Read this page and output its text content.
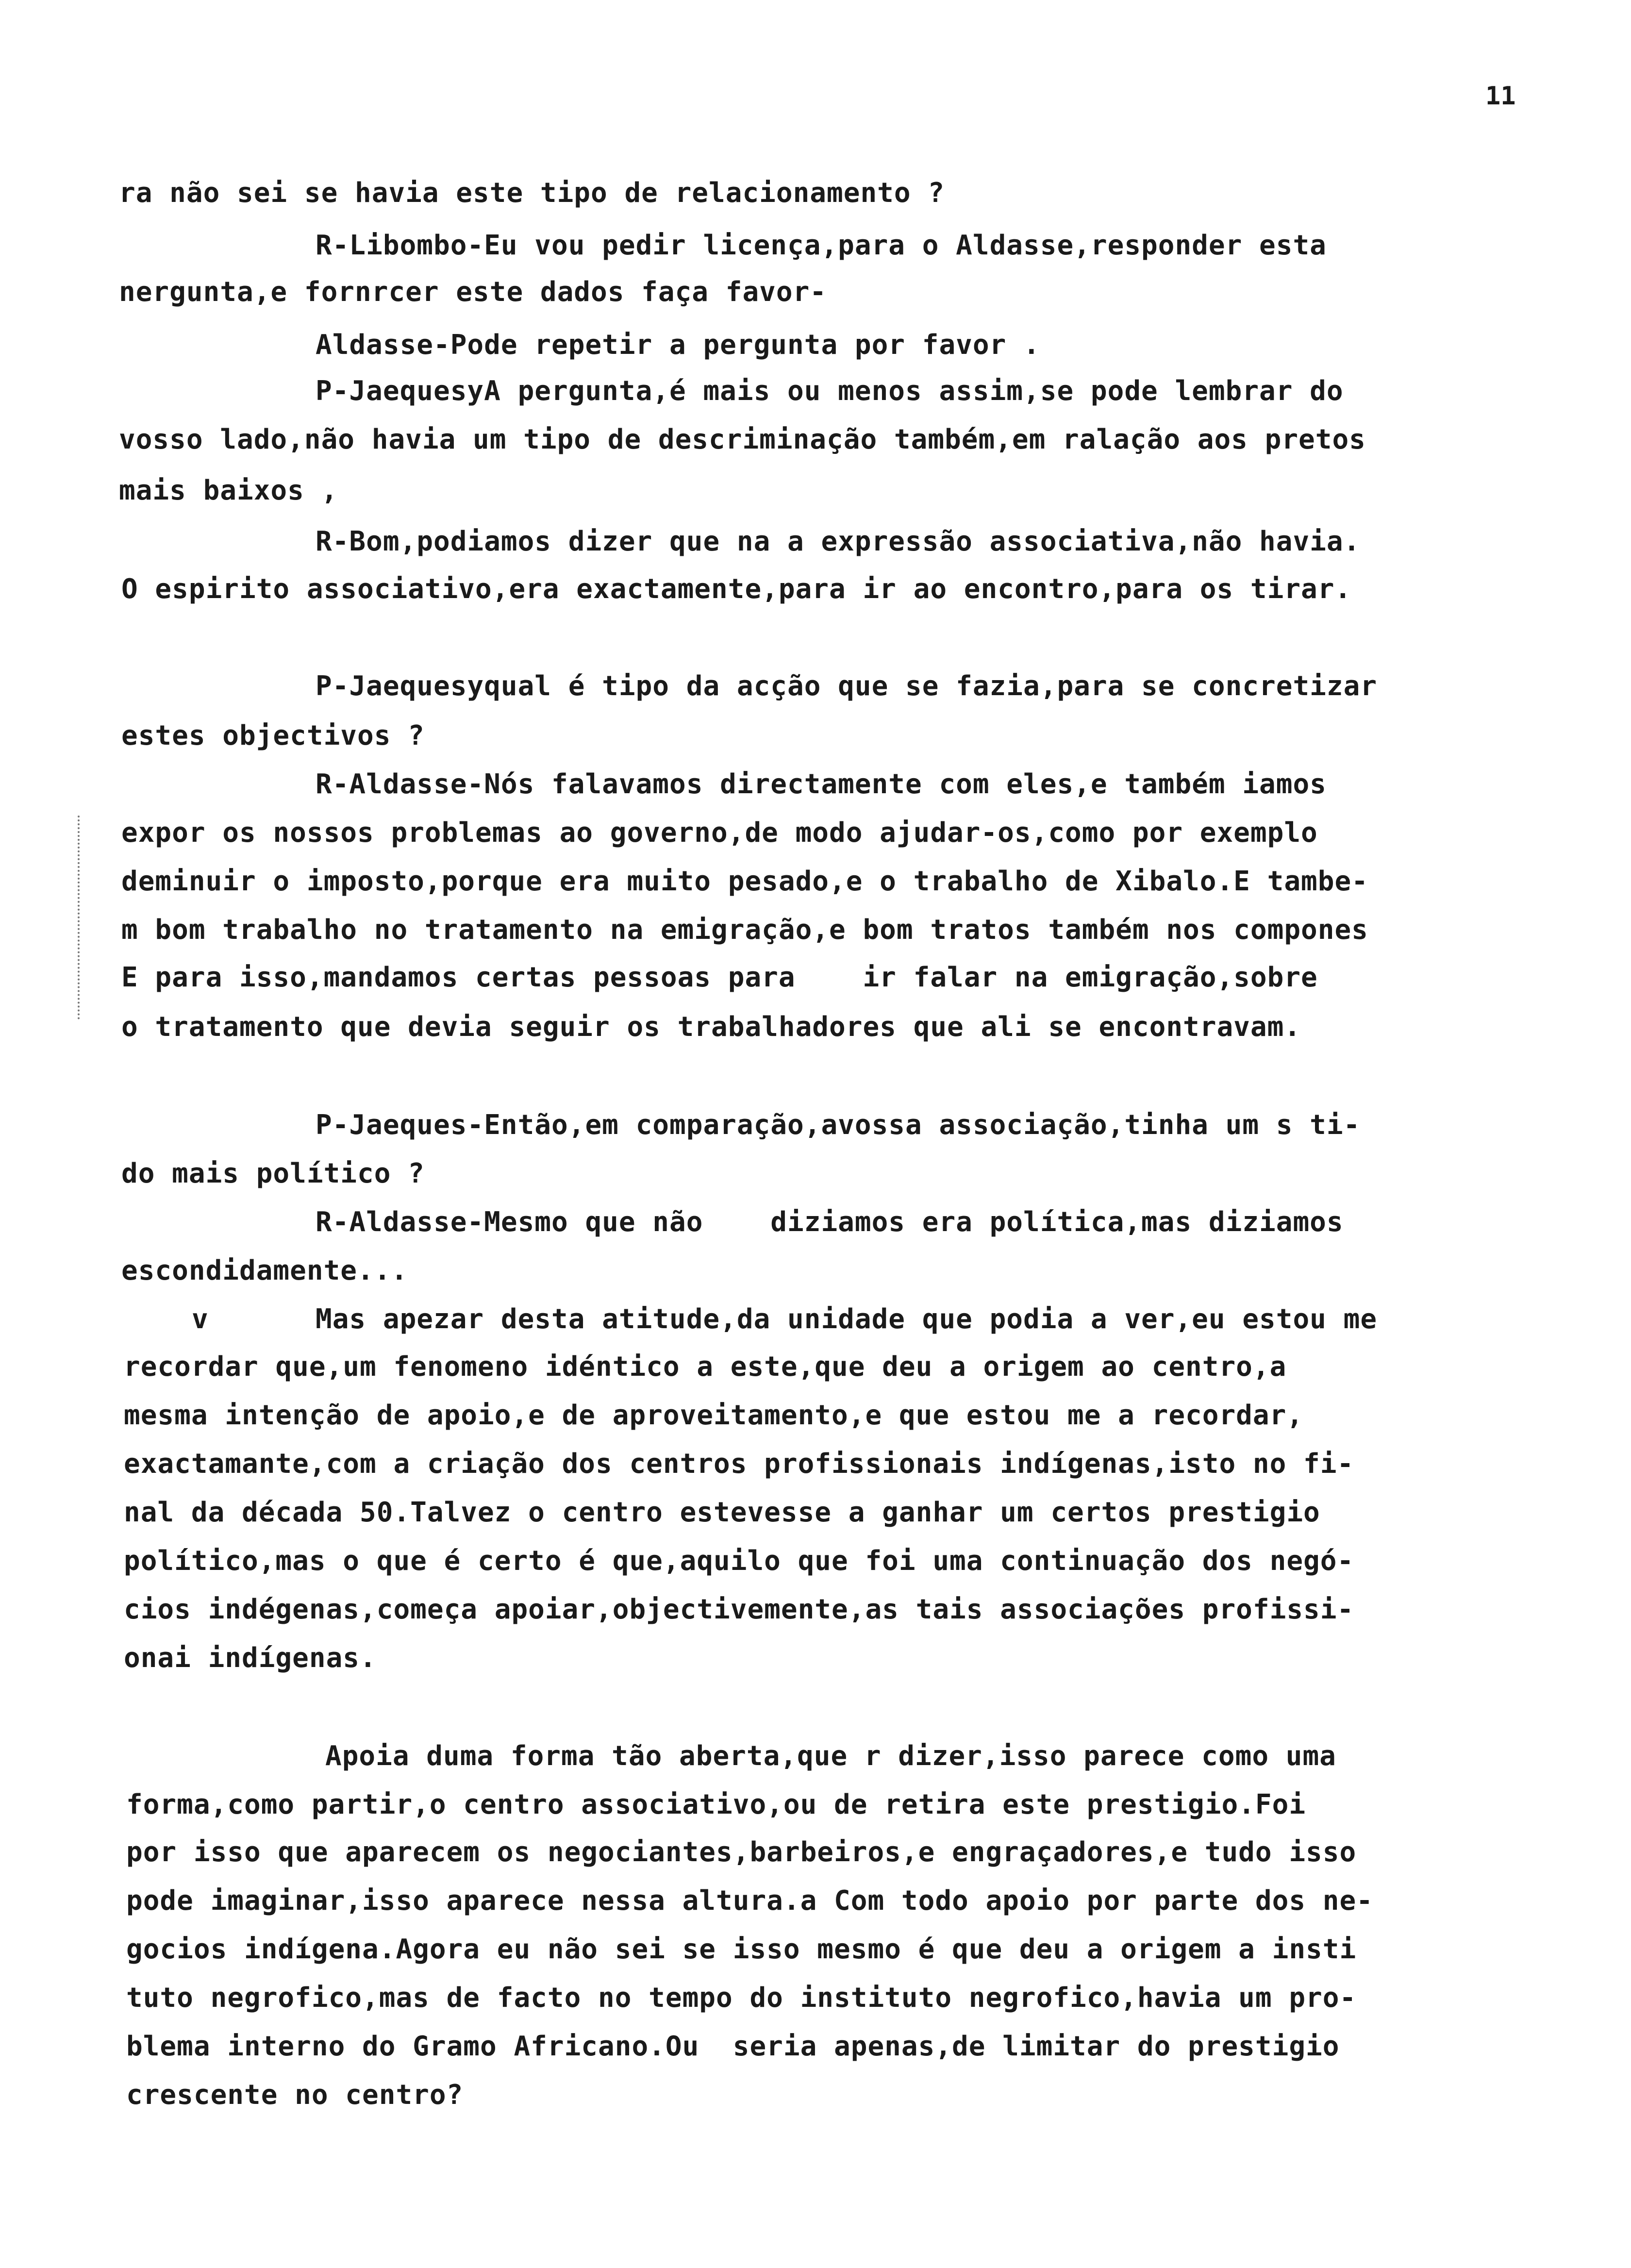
11
ra não sei se havia este tipo de relacionamento ?
R-Libombo-Eu vou pedir licença,para o Aldasse,responder esta
nergunta,e fornrcer este dados faça favor-
Aldasse-Pode repetir a pergunta por favor .
P-JaequesyA pergunta,é mais ou menos assim,se pode lembrar do
vosso lado,não havia um tipo de descriminação também,em ralação aos pretos
mais baixos ,
R-Bom,podiamos dizer que na a expressão associativa,não havia.
O espirito associativo,era exactamente,para ir ao encontro,para os tirar.
P-Jaequesyqual é tipo da acção que se fazia,para se concretizar
estes objectivos ?
R-Aldasse-Nós falavamos directamente com eles,e também iamos
expor os nossos problemas ao governo,de modo ajudar-os,como por exemplo
deminuir o imposto,porque era muito pesado,e o trabalho de Xibalo.E tambe-
m bom trabalho no tratamento na emigração,e bom tratos também nos compones
E para isso,mandamos certas pessoas para    ir falar na emigração,sobre
o tratamento que devia seguir os trabalhadores que ali se encontravam.
P-Jaeques-Então,em comparação,avossa associação,tinha um s ti-
do mais político ?
R-Aldasse-Mesmo que não    diziamos era política,mas diziamos
escondidamente...
v	Mas apezar desta atitude,da unidade que podia a ver,eu estou me
recordar que,um fenomeno idéntico a este,que deu a origem ao centro,a
mesma intenção de apoio,e de aproveitamento,e que estou me a recordar,
exactamante,com a criação dos centros profissionais indígenas,isto no fi-
nal da década 50.Talvez o centro estevesse a ganhar um certos prestigio
político,mas o que é certo é que,aquilo que foi uma continuação dos negó-
cios indégenas,começa apoiar,objectivemente,as tais associações profissi-
onai indígenas.
Apoia duma forma tão aberta,que r dizer,isso parece como uma
forma,como partir,o centro associativo,ou de retira este prestigio.Foi
por isso que aparecem os negociantes,barbeiros,e engraçadores,e tudo isso
pode imaginar,isso aparece nessa altura.a Com todo apoio por parte dos ne-
gocios indígena.Agora eu não sei se isso mesmo é que deu a origem a insti
tuto negrofico,mas de facto no tempo do instituto negrofico,havia um pro-
blema interno do Gramo Africano.Ou  seria apenas,de limitar do prestigio
crescente no centro?
